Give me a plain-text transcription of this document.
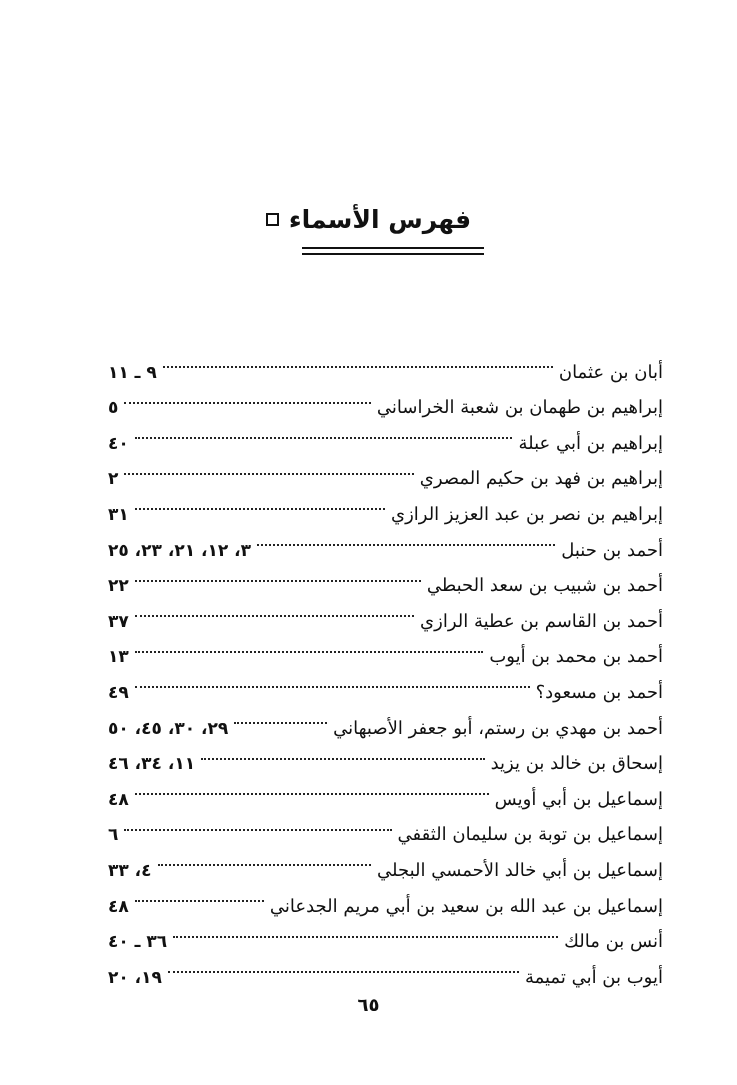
فهرس الأسماء
أبان بن عثمان
٩ ـ ١١
إبراهيم بن طهمان بن شعبة الخراساني
٥
إبراهيم بن أبي عبلة
٤٠
إبراهيم بن فهد بن حكيم المصري
٢
إبراهيم بن نصر بن عبد العزيز الرازي
٣١
أحمد بن حنبل
٣، ١٢، ٢١، ٢٣، ٢٥
أحمد بن شبيب بن سعد الحبطي
٢٢
أحمد بن القاسم بن عطية الرازي
٣٧
أحمد بن محمد بن أيوب
١٣
أحمد بن مسعود؟
٤٩
أحمد بن مهدي بن رستم، أبو جعفر الأصبهاني
٢٩، ٣٠، ٤٥، ٥٠
إسحاق بن خالد بن يزيد
١١، ٣٤، ٤٦
إسماعيل بن أبي أويس
٤٨
إسماعيل بن توبة بن سليمان الثقفي
٦
إسماعيل بن أبي خالد الأحمسي البجلي
٤، ٣٣
إسماعيل بن عبد الله بن سعيد بن أبي مريم الجدعاني
٤٨
أنس بن مالك
٣٦ ـ ٤٠
أيوب بن أبي تميمة
١٩، ٢٠
٦٥
